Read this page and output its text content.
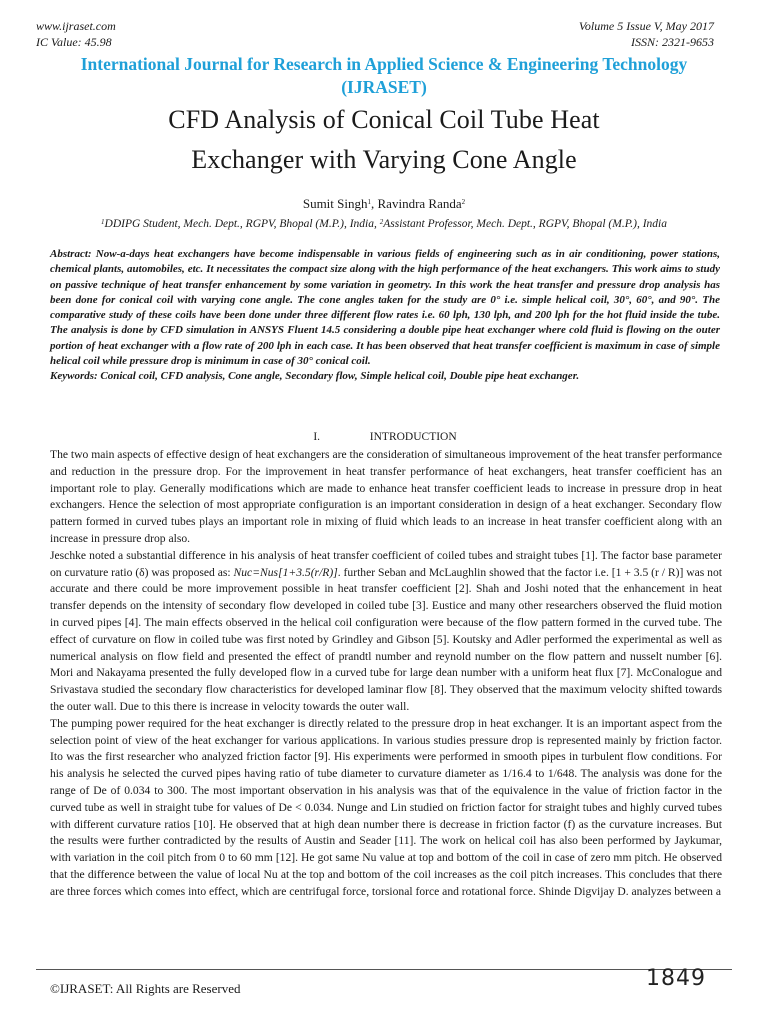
www.ijraset.com
IC Value: 45.98
Volume 5 Issue V, May 2017
ISSN: 2321-9653
International Journal for Research in Applied Science & Engineering Technology (IJRASET)
CFD Analysis of Conical Coil Tube Heat
Exchanger with Varying Cone Angle
Sumit Singh$^1$, Ravindra Randa$^2$
$^1$DDIPG Student, Mech. Dept., RGPV, Bhopal (M.P.), India, $^2$Assistant Professor, Mech. Dept., RGPV, Bhopal (M.P.), India

Abstract: Now-a-days heat exchangers have become indispensable in various fields of engineering such as in air conditioning, power stations, chemical plants, automobiles, etc. It necessitates the compact size along with the high performance of the heat exchangers. This work aims to study on passive technique of heat transfer enhancement by some variation in geometry. In this work the heat transfer and pressure drop analysis has been done for conical coil with varying cone angle. The cone angles taken for the study are 0° i.e. simple helical coil, 30°, 60°, and 90°. The comparative study of these coils have been done under three different flow rates i.e. 60 lph, 130 lph, and 200 lph for the hot fluid inside the tube. The analysis is done by CFD simulation in ANSYS Fluent 14.5 considering a double pipe heat exchanger where cold fluid is flowing on the outer portion of heat exchanger with a flow rate of 200 lph in each case. It has been observed that heat transfer coefficient is maximum in case of simple helical coil while pressure drop is minimum in case of 30° conical coil.

Keywords: Conical coil, CFD analysis, Cone angle, Secondary flow, Simple helical coil, Double pipe heat exchanger.

I.	INTRODUCTION

The two main aspects of effective design of heat exchangers are the consideration of simultaneous improvement of the heat transfer performance and reduction in the pressure drop. For the improvement in heat transfer performance of heat exchangers, heat transfer coefficient has an important role to play. Generally modifications which are made to enhance heat transfer coefficient leads to increase in pressure drop in heat exchangers. Hence the selection of most appropriate configuration is an important consideration in design of a heat exchanger. Secondary flow pattern formed in curved tubes plays an important role in mixing of fluid which leads to an increase in heat transfer coefficient along with an increase in pressure drop also.

Jeschke noted a substantial difference in his analysis of heat transfer coefficient of coiled tubes and straight tubes [1]. The factor base parameter on curvature ratio (δ) was proposed as: Nuc=Nus[1+3.5(r/R)]. further Seban and McLaughlin showed that the factor i.e. [1 + 3.5 (r / R)] was not accurate and there could be more improvement possible in heat transfer coefficient [2]. Shah and Joshi noted that the enhancement in heat transfer depends on the intensity of secondary flow developed in coiled tube [3]. Eustice and many other researchers observed the fluid motion in curved pipes [4]. The main effects observed in the helical coil configuration were because of the flow pattern formed in the curved tube. The effect of curvature on flow in coiled tube was first noted by Grindley and Gibson [5]. Koutsky and Adler performed the experimental as well as numerical analysis on flow field and presented the effect of prandtl number and reynold number on the flow pattern and nusselt number [6]. Mori and Nakayama presented the fully developed flow in a curved tube for large dean number with a uniform heat flux [7]. McConalogue and Srivastava studied the secondary flow characteristics for developed laminar flow [8]. They observed that the maximum velocity shifted towards the outer wall. Due to this there is increase in velocity towards the outer wall.

The pumping power required for the heat exchanger is directly related to the pressure drop in heat exchanger. It is an important aspect from the selection point of view of the heat exchanger for various applications. In various studies pressure drop is represented mainly by friction factor. Ito was the first researcher who analyzed friction factor [9]. His experiments were performed in smooth pipes in turbulent flow conditions. For his analysis he selected the curved pipes having ratio of tube diameter to curvature diameter as 1/16.4 to 1/648. The analysis was done for the range of De of 0.034 to 300. The most important observation in his analysis was that of the equivalence in the value of friction factor in the curved tube as well in straight tube for values of De < 0.034. Nunge and Lin studied on friction factor for straight tubes and highly curved tubes with different curvature ratios [10]. He observed that at high dean number there is decrease in friction factor (f) as the curvature increases. But the results were further contradicted by the results of Austin and Seader [11]. The work on helical coil has also been performed by Jaykumar, with variation in the coil pitch from 0 to 60 mm [12]. He got same Nu value at top and bottom of the coil in case of zero mm pitch. He observed that the difference between the value of local Nu at the top and bottom of the coil increases as the coil pitch increases. This concludes that there are three forces which comes into effect, which are centrifugal force, torsional force and rotational force. Shinde Digvijay D. analyzes between a

©IJRASET: All Rights are Reserved	1849
